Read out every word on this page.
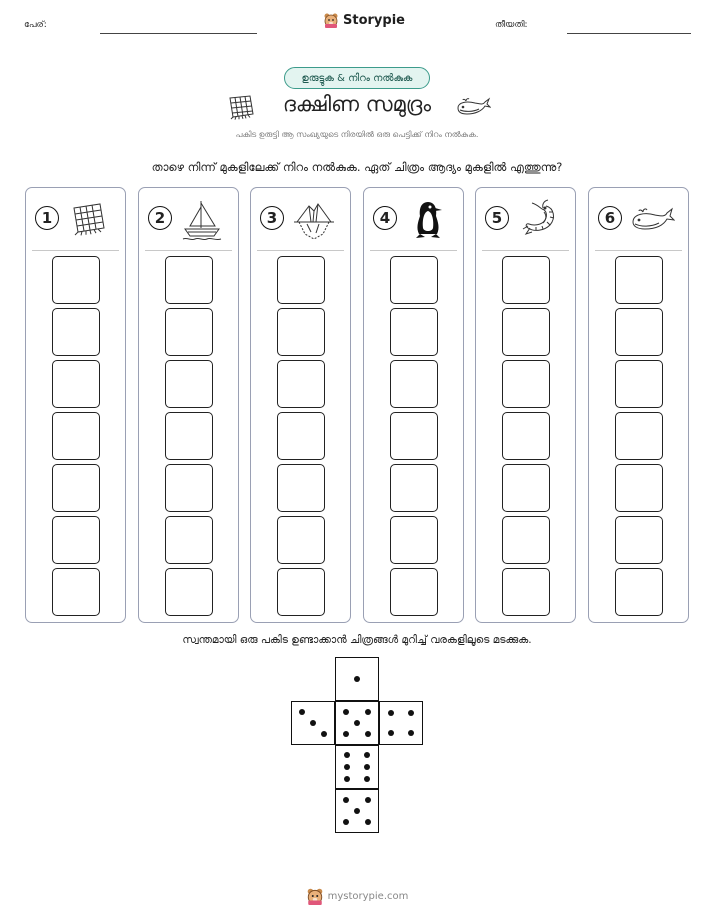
പേര്:	Storypie	തീയതി:
ഉരുട്ടുക & നിറം നൽകുക
ദക്ഷിണ സമുദ്രം
പകിട ഉരുട്ടി ആ സംഖ്യയുടെ നിരയിൽ ഒരു പെട്ടിക്ക് നിറം നൽകുക.
താഴെ നിന്ന് മുകളിലേക്ക് നിറം നൽകുക. ഏത് ചിത്രം ആദ്യം മുകളിൽ എത്തുന്നു?
1	2	3	4	5	6
സ്വന്തമായി ഒരു പകിട ഉണ്ടാക്കാൻ ചിത്രങ്ങൾ മുറിച്ച് വരകളിലൂടെ മടക്കുക.
mystorypie.com
